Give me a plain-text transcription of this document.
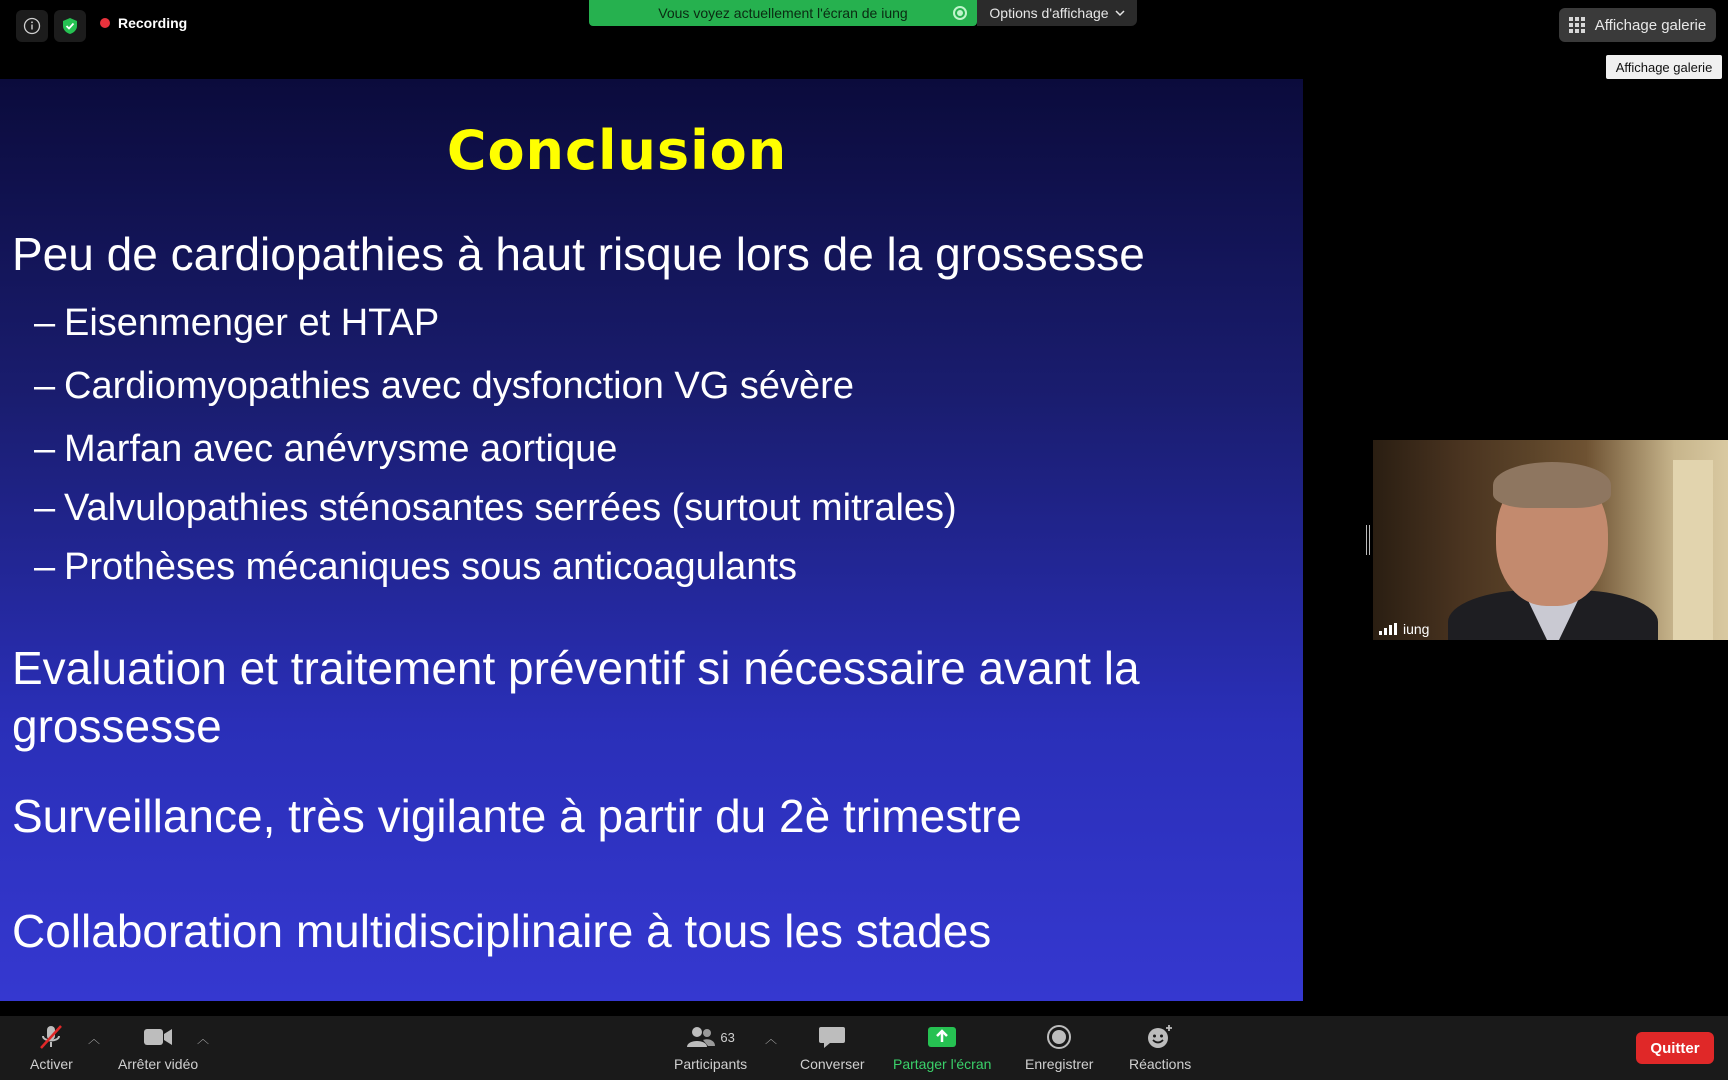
Recording
Vous voyez actuellement l'écran de iung	Options d'affichage
Affichage galerie
Affichage galerie
Conclusion
Peu de cardiopathies à haut risque lors de la grossesse
– Eisenmenger et HTAP
– Cardiomyopathies avec dysfonction VG sévère
– Marfan avec anévrysme aortique
– Valvulopathies sténosantes serrées (surtout mitrales)
– Prothèses mécaniques sous anticoagulants
Evaluation et traitement préventif si nécessaire avant la
grossesse
Surveillance, très vigilante à partir du 2è trimestre
Collaboration multidisciplinaire à tous les stades
iung
Activer
︿
Arrêter vidéo
︿	63
Participants
︿
Converser Partager l'écran Enregistrer	Réactions
Quitter
